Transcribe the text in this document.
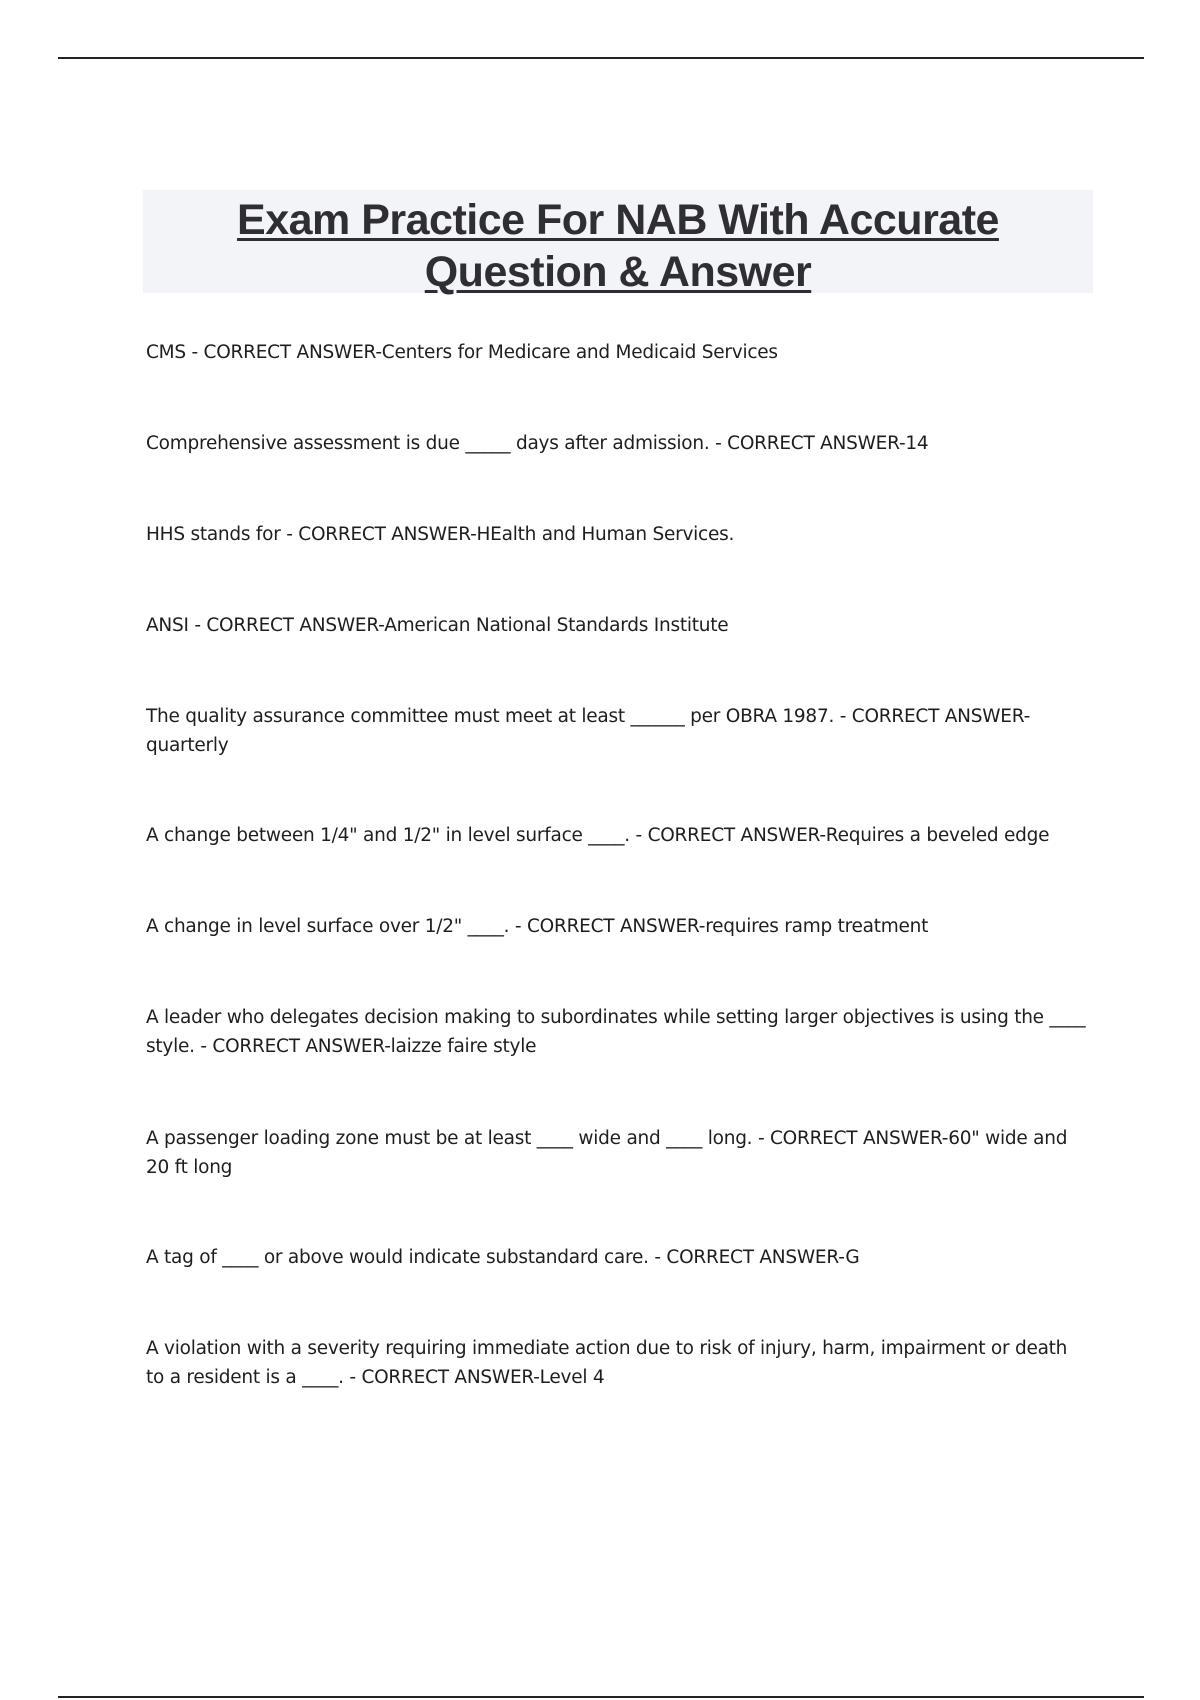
Exam Practice For NAB With Accurate
Question & Answer

CMS - CORRECT ANSWER-Centers for Medicare and Medicaid Services

Comprehensive assessment is due _____ days after admission. - CORRECT ANSWER-14

HHS stands for - CORRECT ANSWER-HEalth and Human Services.

ANSI - CORRECT ANSWER-American National Standards Institute

The quality assurance committee must meet at least ______ per OBRA 1987. - CORRECT ANSWER-quarterly

A change between 1/4" and 1/2" in level surface ____. - CORRECT ANSWER-Requires a beveled edge

A change in level surface over 1/2" ____. - CORRECT ANSWER-requires ramp treatment

A leader who delegates decision making to subordinates while setting larger objectives is using the ____ style. - CORRECT ANSWER-laizze faire style

A passenger loading zone must be at least ____ wide and ____ long. - CORRECT ANSWER-60" wide and 20 ft long

A tag of ____ or above would indicate substandard care. - CORRECT ANSWER-G

A violation with a severity requiring immediate action due to risk of injury, harm, impairment or death to a resident is a ____. - CORRECT ANSWER-Level 4
